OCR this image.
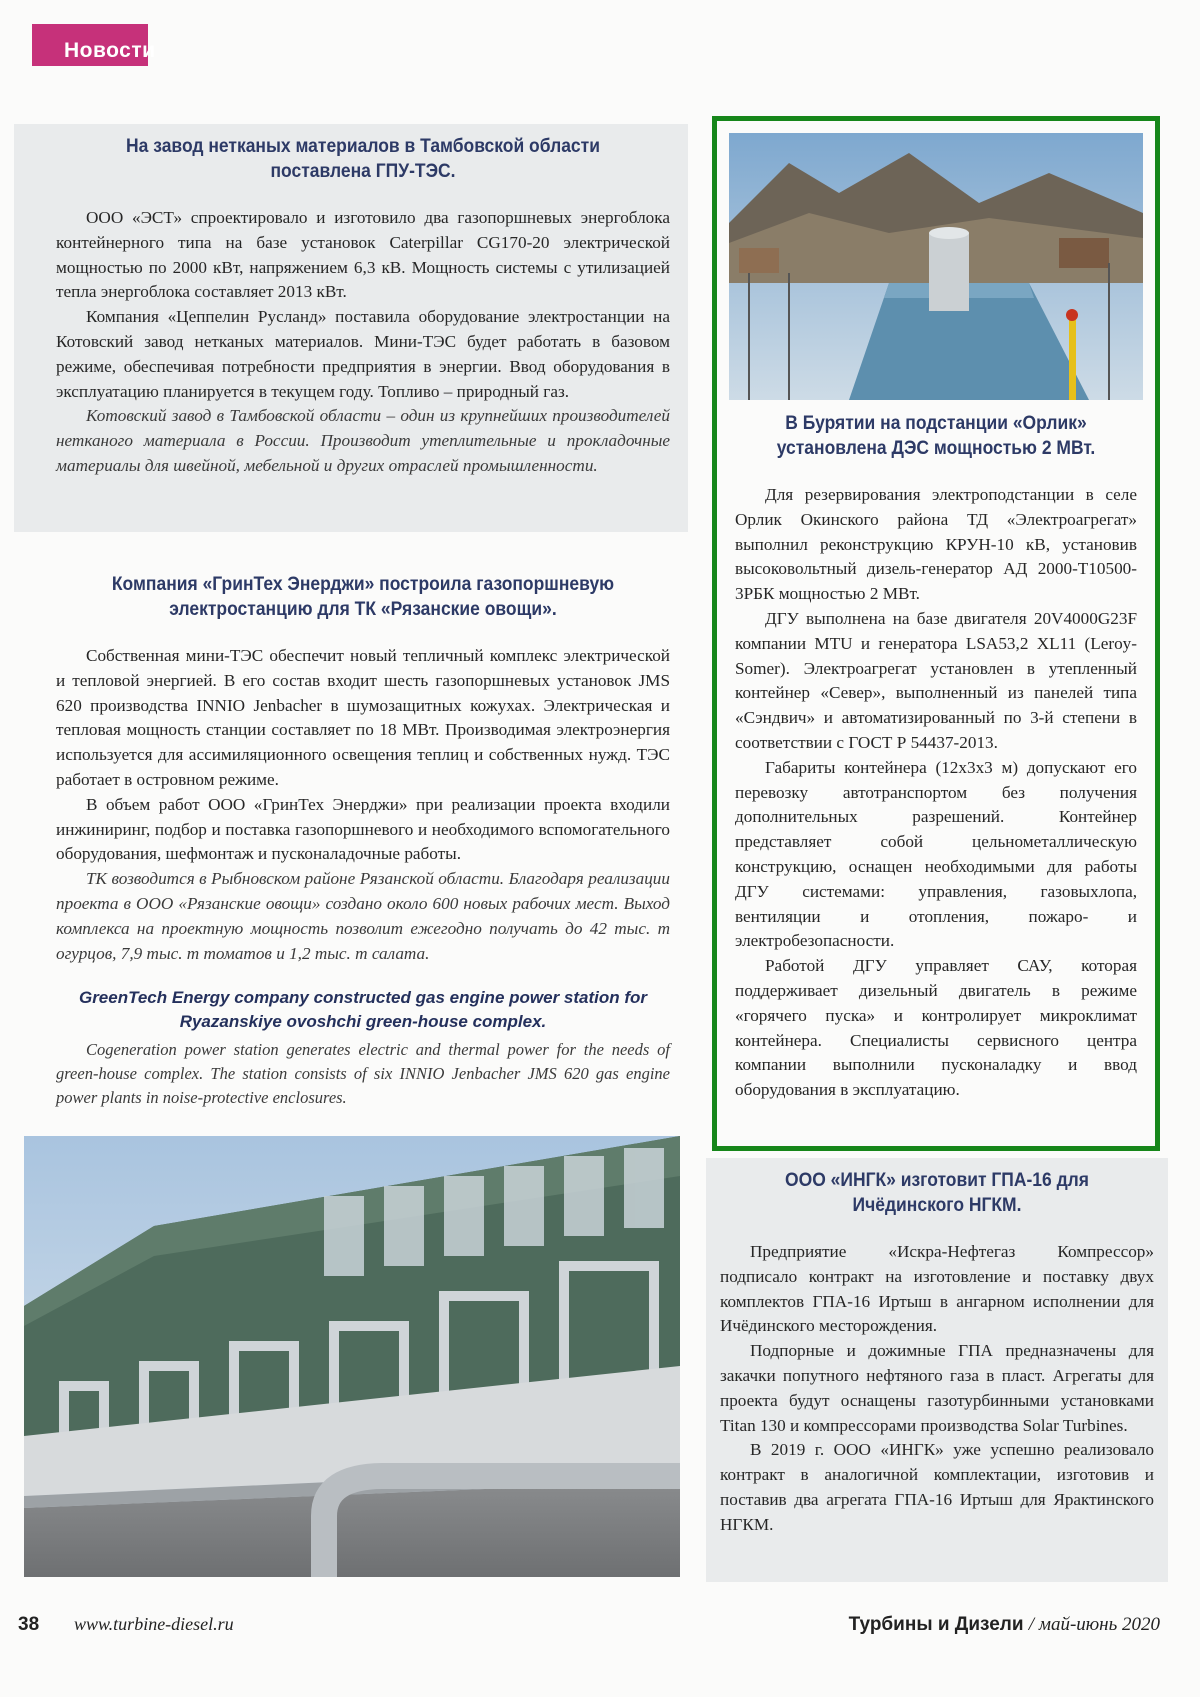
Новости
На завод нетканых материалов в Тамбовской области поставлена ГПУ-ТЭС.

ООО «ЭСТ» спроектировало и изготовило два газопоршневых энергоблока контейнерного типа на базе установок Caterpillar CG170-20 электрической мощностью по 2000 кВт, напряжением 6,3 кВ. Мощность системы с утилизацией тепла энергоблока составляет 2013 кВт.

Компания «Цеппелин Русланд» поставила оборудование электростанции на Котовский завод нетканых материалов. Мини-ТЭС будет работать в базовом режиме, обеспечивая потребности предприятия в энергии. Ввод оборудования в эксплуатацию планируется в текущем году. Топливо – природный газ.

Котовский завод в Тамбовской области – один из крупнейших производителей нетканого материала в России. Производит утеплительные и прокладочные материалы для швейной, мебельной и других отраслей промышленности.

Компания «ГринТех Энерджи» построила газопоршневую электростанцию для ТК «Рязанские овощи».

Собственная мини-ТЭС обеспечит новый тепличный комплекс электрической и тепловой энергией. В его состав входит шесть газопоршневых установок JMS 620 производства INNIO Jenbacher в шумозащитных кожухах. Электрическая и тепловая мощность станции составляет по 18 МВт. Производимая электроэнергия используется для ассимиляционного освещения теплиц и собственных нужд. ТЭС работает в островном режиме.

В объем работ ООО «ГринТех Энерджи» при реализации проекта входили инжиниринг, подбор и поставка газопоршневого и необходимого вспомогательного оборудования, шефмонтаж и пусконаладочные работы.

ТК возводится в Рыбновском районе Рязанской области. Благодаря реализации проекта в ООО «Рязанские овощи» создано около 600 новых рабочих мест. Выход комплекса на проектную мощность позволит ежегодно получать до 42 тыс. т огурцов, 7,9 тыс. т томатов и 1,2 тыс. т салата.

GreenTech Energy company constructed gas engine power station for Ryazanskiye ovoshchi green-house complex.

Cogeneration power station generates electric and thermal power for the needs of green-house complex. The station consists of six INNIO Jenbacher JMS 620 gas engine power plants in noise-protective enclosures.

В Бурятии на подстанции «Орлик» установлена ДЭС мощностью 2 МВт.

Для резервирования электроподстанции в селе Орлик Окинского района ТД «Электроагрегат» выполнил реконструкцию КРУН-10 кВ, установив высоковольтный дизель-генератор АД 2000-Т10500-3РБК мощностью 2 МВт.

ДГУ выполнена на базе двигателя 20V4000G23F компании MTU и генератора LSA53,2 XL11 (Leroy-Somer). Электроагрегат установлен в утепленный контейнер «Север», выполненный из панелей типа «Сэндвич» и автоматизированный по 3-й степени в соответствии с ГОСТ Р 54437-2013.

Габариты контейнера (12x3x3 м) допускают его перевозку автотранспортом без получения дополнительных разрешений. Контейнер представляет собой цельнометаллическую конструкцию, оснащен необходимыми для работы ДГУ системами: управления, газовыхлопа, вентиляции и отопления, пожаро- и электробезопасности.

Работой ДГУ управляет САУ, которая поддерживает дизельный двигатель в режиме «горячего пуска» и контролирует микроклимат контейнера. Специалисты сервисного центра компании выполнили пусконаладку и ввод оборудования в эксплуатацию.

ООО «ИНГК» изготовит ГПА-16 для Ичёдинского НГКМ.

Предприятие «Искра-Нефтегаз Компрессор» подписало контракт на изготовление и поставку двух комплектов ГПА-16 Иртыш в ангарном исполнении для Ичёдинского месторождения.

Подпорные и дожимные ГПА предназначены для закачки попутного нефтяного газа в пласт. Агрегаты для проекта будут оснащены газотурбинными установками Titan 130 и компрессорами производства Solar Turbines.

В 2019 г. ООО «ИНГК» уже успешно реализовало контракт в аналогичной комплектации, изготовив и поставив два агрегата ГПА-16 Иртыш для Ярактинского НГКМ.

38 www.turbine-diesel.ru	Турбины и Дизели / май-июнь 2020
